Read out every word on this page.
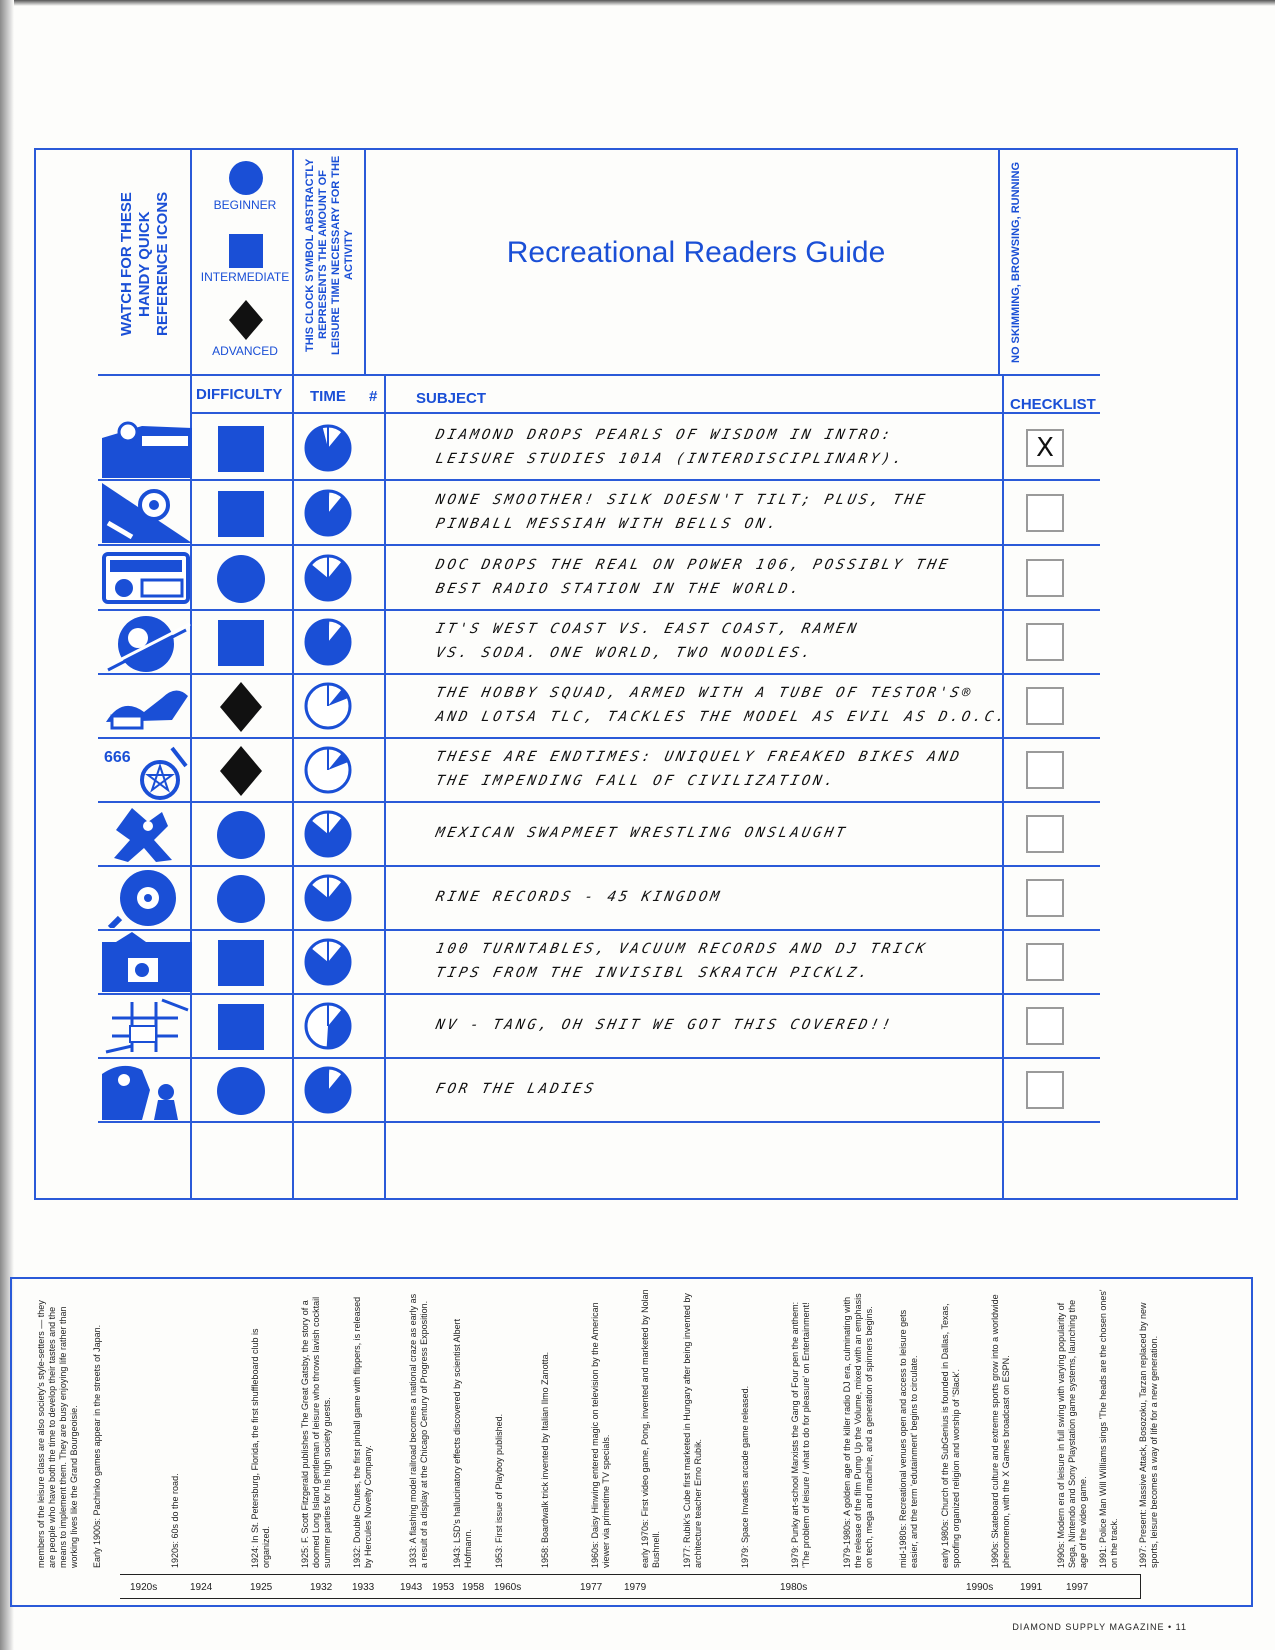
WATCH FOR THESE HANDY QUICK REFERENCE ICONS	BEGINNER
INTERMEDIATE
ADVANCED	THIS CLOCK SYMBOL ABSTRACTLY REPRESENTS THE AMOUNT OF LEISURE TIME NECESSARY FOR THE ACTIVITY	Recreational Readers Guide	NO SKIMMING, BROWSING, RUNNING
DIFFICULTY TIME #	SUBJECT	CHECKLIST
DIAMOND DROPS PEARLS OF WISDOM IN INTRO:
LEISURE STUDIES 101A (INTERDISCIPLINARY).	X
NONE SMOOTHER! SILK DOESN'T TILT; PLUS, THE
PINBALL MESSIAH WITH BELLS ON.
DOC DROPS THE REAL ON POWER 106, POSSIBLY THE
BEST RADIO STATION IN THE WORLD.
IT'S WEST COAST VS. EAST COAST, RAMEN
VS. SODA. ONE WORLD, TWO NOODLES.
THE HOBBY SQUAD, ARMED WITH A TUBE OF TESTOR'S®
AND LOTSA TLC, TACKLES THE MODEL AS EVIL AS D.O.C.
666	THESE ARE ENDTIMES: UNIQUELY FREAKED BIKES AND
THE IMPENDING FALL OF CIVILIZATION.
MEXICAN SWAPMEET WRESTLING ONSLAUGHT
RINE RECORDS - 45 KINGDOM
100 TURNTABLES, VACUUM RECORDS AND DJ TRICK
TIPS FROM THE INVISIBL SKRATCH PICKLZ.
NV - TANG, OH SHIT WE GOT THIS COVERED!!
FOR THE LADIES
members of the leisure class are also society's style-setters — they are people who have both the time to develop their tastes and the means to implement them. They are busy enjoying life rather than working lives like the Grand Bourgeoisie. Early 1900s: Pachinko games appear in the streets of Japan.	1920s: 60s do the road.	1924: In St. Petersburg, Florida, the first shuffleboard club is organized.	1925: F. Scott Fitzgerald publishes The Great Gatsby, the story of a doomed Long Island gentleman of leisure who throws lavish cocktail summer parties for his high society guests. 1932: Double Chutes, the first pinball game with flippers, is released by Hercules Novelty Company.	1933: A flashing model railroad becomes a national craze as early as a result of a display at the Chicago Century of Progress Exposition.	1943: LSD's hallucinatory effects discovered by scientist Albert Hofmann. 1953: First issue of Playboy published.	1958: Boardwalk trick invented by Italian Ilmo Zanotta.	1960s: Daisy Hinwing entered magic on television by the American viewer via primetime TV specials.	early 1970s: First video game, Pong, invented and marketed by Nolan Bushnell. 1977: Rubik's Cube first marketed in Hungary after being invented by architecture teacher Erno Rubik.	1979: Space Invaders arcade game released.	1979: Punky art-school Marxists the Gang of Four pen the anthem: 'The problem of leisure / what to do for pleasure' on Entertainment!	1979-1980s: A golden age of the killer radio DJ era, culminating with the release of the film Pump Up the Volume, mixed with an emphasis on tech, mega and machine, and a generation of spinners begins.	mid-1980s: Recreational venues open and access to leisure gets easier, and the term 'edutainment' begins to circulate. early 1980s: Church of the SubGenius is founded in Dallas, Texas, spoofing organized religion and worship of 'Slack'.	1990s: Skateboard culture and extreme sports grow into a worldwide phenomenon, with the X Games broadcast on ESPN.	1990s: Modern era of leisure in full swing with varying popularity of Sega, Nintendo and Sony Playstation game systems, launching the age of the video game. 1991: Police Man Will Williams sings 'The heads are the chosen ones' on the track. 1997: Present: Massive Attack, Bosozoku, Tarzan replaced by new sports, leisure becomes a way of life for a new generation.
1920s	1924	1925	1932 1933	1943 1953 1958 1960s	1977 1979	1980s	1990s	1991 1997
DIAMOND SUPPLY MAGAZINE • 11
